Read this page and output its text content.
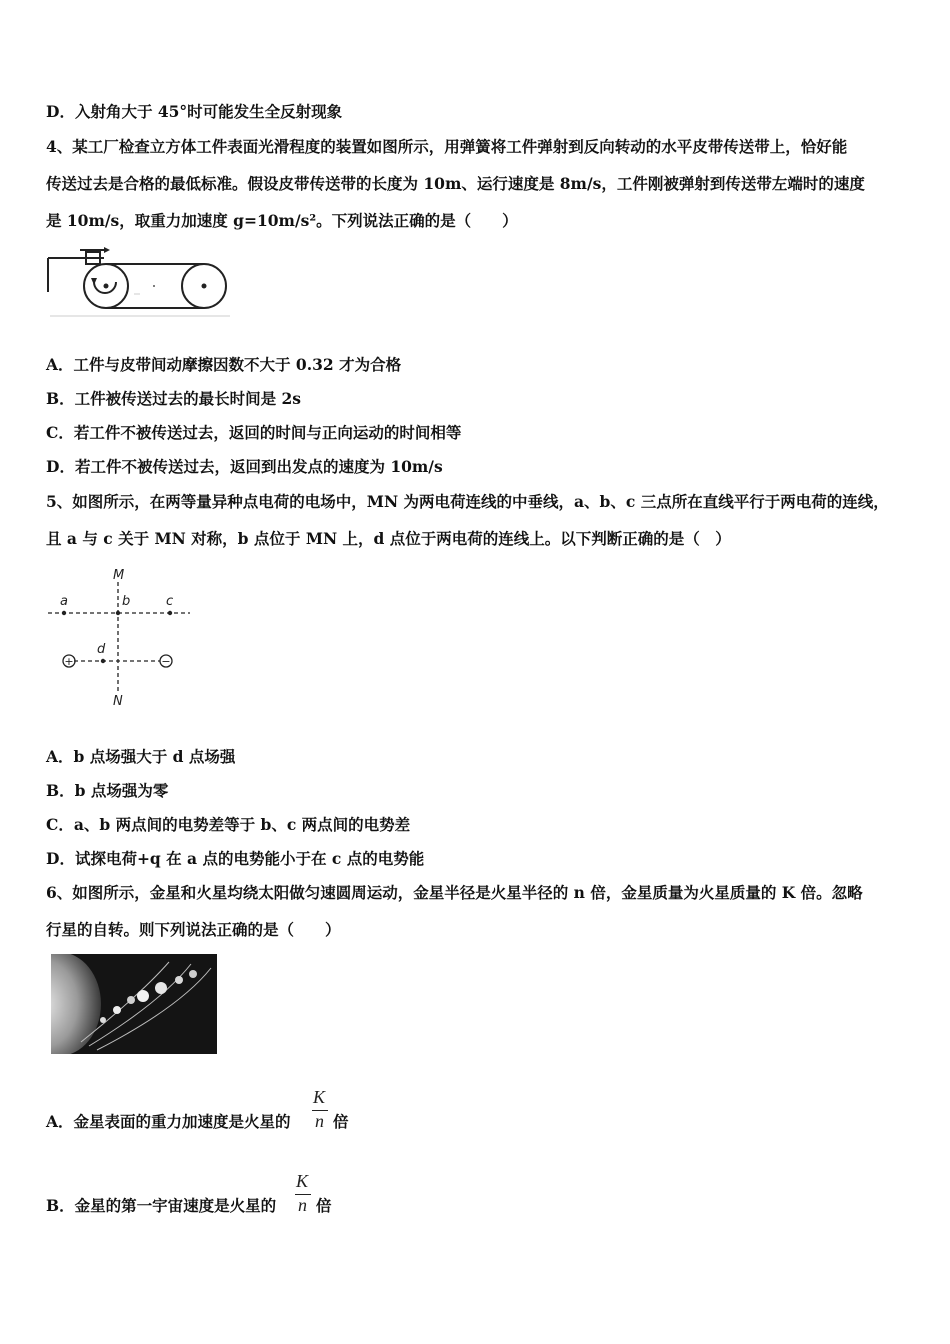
D．入射角大于 45°时可能发生全反射现象
4、某工厂检查立方体工件表面光滑程度的装置如图所示，用弹簧将工件弹射到反向转动的水平皮带传送带上，恰好能
传送过去是合格的最低标准。假设皮带传送带的长度为 10m、运行速度是 8m/s，工件刚被弹射到传送带左端时的速度
是 10m/s，取重力加速度 g=10m/s²。下列说法正确的是（　　）
A．工件与皮带间动摩擦因数不大于 0.32 才为合格
B．工件被传送过去的最长时间是 2s
C．若工件不被传送过去，返回的时间与正向运动的时间相等
D．若工件不被传送过去，返回到出发点的速度为 10m/s
5、如图所示，在两等量异种点电荷的电场中，MN 为两电荷连线的中垂线，a、b、c 三点所在直线平行于两电荷的连线，
且 a 与 c 关于 MN 对称，b 点位于 MN 上，d 点位于两电荷的连线上。以下判断正确的是（　）
M
N
a	b	c
d
+	−
A．b 点场强大于 d 点场强
B．b 点场强为零
C．a、b 两点间的电势差等于 b、c 两点间的电势差
D．试探电荷+q 在 a 点的电势能小于在 c 点的电势能
6、如图所示，金星和火星均绕太阳做匀速圆周运动，金星半径是火星半径的 n 倍，金星质量为火星质量的 K 倍。忽略
行星的自转。则下列说法正确的是（　　）
A．金星表面的重力加速度是火星的
K
n 倍
B．金星的第一宇宙速度是火星的
K
n 倍
